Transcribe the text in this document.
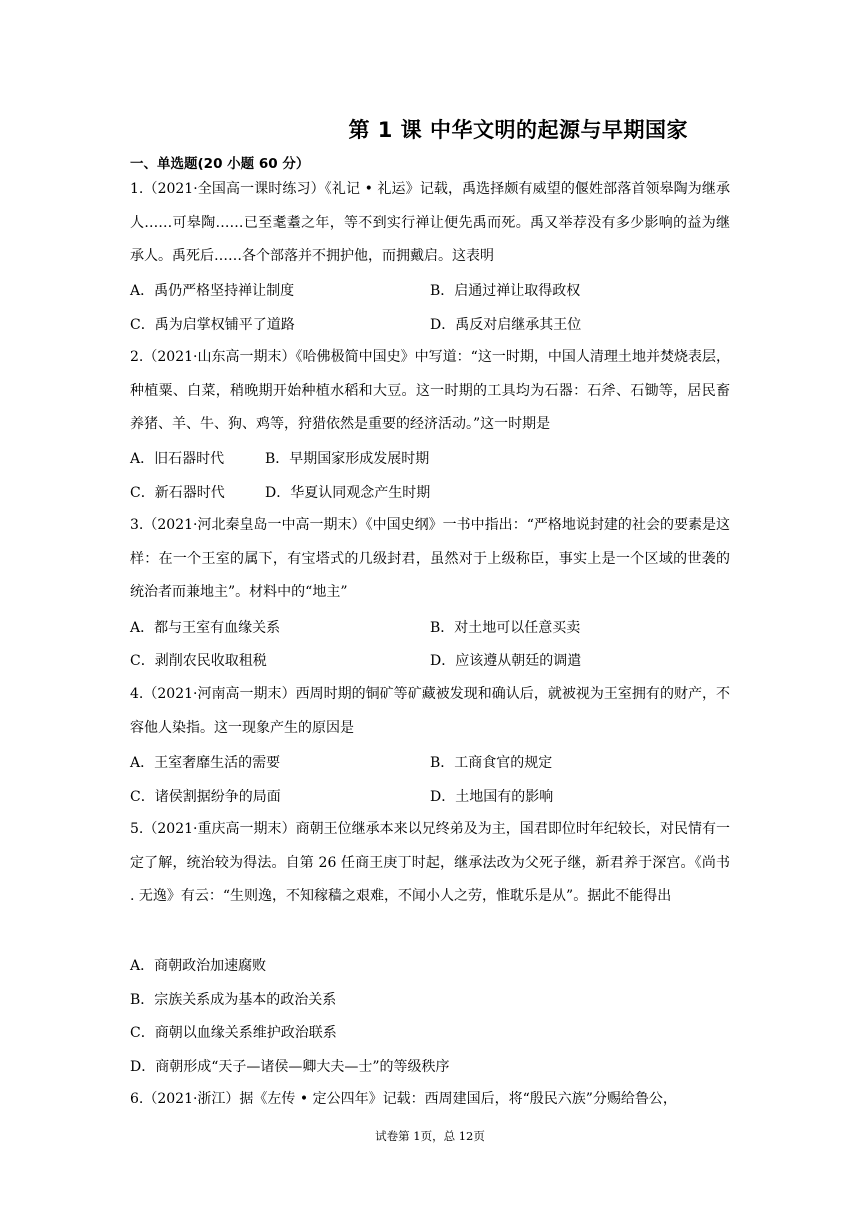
第 1 课 中华文明的起源与早期国家
一、单选题(20 小题 60 分）
1.（2021·全国高一课时练习）《礼记 • 礼运》记载，禹选择颇有威望的偃姓部落首领皋陶为继承人……可皋陶……已至耄耋之年，等不到实行禅让便先禹而死。禹又举荐没有多少影响的益为继承人。禹死后……各个部落并不拥护他，而拥戴启。这表明
A．禹仍严格坚持禅让制度	B．启通过禅让取得政权
C．禹为启掌权铺平了道路	D．禹反对启继承其王位
2.（2021·山东高一期末）《哈佛极简中国史》中写道：“这一时期，中国人清理土地并焚烧表层，种植粟、白菜，稍晚期开始种植水稻和大豆。这一时期的工具均为石器：石斧、石锄等，居民畜养猪、羊、牛、狗、鸡等，狩猎依然是重要的经济活动。”这一时期是
A．旧石器时代	B．早期国家形成发展时期
C．新石器时代	D．华夏认同观念产生时期
3.（2021·河北秦皇岛一中高一期末）《中国史纲》一书中指出：“严格地说封建的社会的要素是这样：在一个王室的属下，有宝塔式的几级封君，虽然对于上级称臣，事实上是一个区域的世袭的统治者而兼地主”。材料中的“地主”
A．都与王室有血缘关系	B．对土地可以任意买卖
C．剥削农民收取租税	D．应该遵从朝廷的调遣
4.（2021·河南高一期末）西周时期的铜矿等矿藏被发现和确认后，就被视为王室拥有的财产，不容他人染指。这一现象产生的原因是
A．王室奢靡生活的需要	B．工商食官的规定
C．诸侯割据纷争的局面	D．土地国有的影响
5.（2021·重庆高一期末）商朝王位继承本来以兄终弟及为主，国君即位时年纪较长，对民情有一定了解，统治较为得法。自第 26 任商王庚丁时起，继承法改为父死子继，新君养于深宫。《尚书 . 无逸》有云：“生则逸，不知稼穑之艰难，不闻小人之劳，惟耽乐是从”。据此不能得出
A．商朝政治加速腐败
B．宗族关系成为基本的政治关系
C．商朝以血缘关系维护政治联系
D．商朝形成“天子—诸侯—卿大夫—士”的等级秩序
6.（2021·浙江）据《左传 • 定公四年》记载：西周建国后，将“殷民六族”分赐给鲁公，
试卷第 1页，总 12页
